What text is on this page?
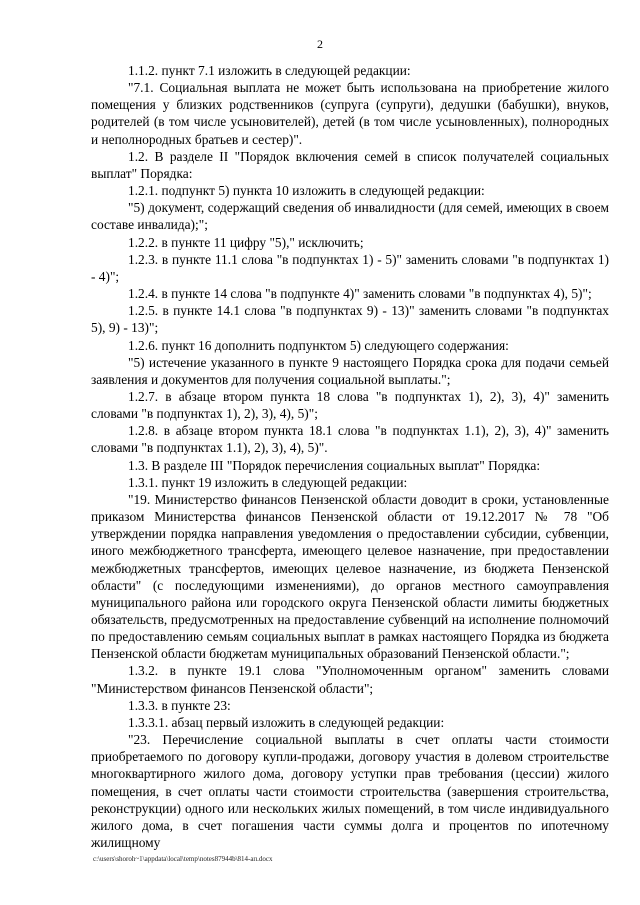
2

1.1.2. пункт 7.1 изложить в следующей редакции:

"7.1. Социальная выплата не может быть использована на приобретение жилого помещения у близких родственников (супруга (супруги), дедушки (бабушки), внуков, родителей (в том числе усыновителей), детей (в том числе усыновленных), полнородных и неполнородных братьев и сестер)".

1.2. В разделе II "Порядок включения семей в список получателей социальных выплат" Порядка:

1.2.1. подпункт 5) пункта 10 изложить в следующей редакции:

"5) документ, содержащий сведения об инвалидности (для семей, имеющих в своем составе инвалида);";

1.2.2. в пункте 11 цифру "5)," исключить;

1.2.3. в пункте 11.1 слова "в подпунктах 1) - 5)" заменить словами "в подпунктах 1) - 4)";

1.2.4. в пункте 14 слова "в подпункте 4)" заменить словами "в подпунктах 4), 5)";

1.2.5. в пункте 14.1 слова "в подпунктах 9) - 13)" заменить словами "в подпунктах 5), 9) - 13)";

1.2.6. пункт 16 дополнить подпунктом 5) следующего содержания:

"5) истечение указанного в пункте 9 настоящего Порядка срока для подачи семьей заявления и документов для получения социальной выплаты.";

1.2.7. в абзаце втором пункта 18 слова "в подпунктах 1), 2), 3), 4)" заменить словами "в подпунктах 1), 2), 3), 4), 5)";

1.2.8. в абзаце втором пункта 18.1 слова "в подпунктах 1.1), 2), 3), 4)" заменить словами "в подпунктах 1.1), 2), 3), 4), 5)".

1.3. В разделе III "Порядок перечисления социальных выплат" Порядка:

1.3.1. пункт 19 изложить в следующей редакции:

"19. Министерство финансов Пензенской области доводит в сроки, установленные приказом Министерства финансов Пензенской области от 19.12.2017 № 78 "Об утверждении порядка направления уведомления о предоставлении субсидии, субвенции, иного межбюджетного трансферта, имеющего целевое назначение, при предоставлении межбюджетных трансфертов, имеющих целевое назначение, из бюджета Пензенской области" (с последующими изменениями), до органов местного самоуправления муниципального района или городского округа Пензенской области лимиты бюджетных обязательств, предусмотренных на предоставление субвенций на исполнение полномочий по предоставлению семьям социальных выплат в рамках настоящего Порядка из бюджета Пензенской области бюджетам муниципальных образований Пензенской области.";

1.3.2. в пункте 19.1 слова "Уполномоченным органом" заменить словами "Министерством финансов Пензенской области";

1.3.3. в пункте 23:

1.3.3.1. абзац первый изложить в следующей редакции:

"23. Перечисление социальной выплаты в счет оплаты части стоимости приобретаемого по договору купли-продажи, договору участия в долевом строительстве многоквартирного жилого дома, договору уступки прав требования (цессии) жилого помещения, в счет оплаты части стоимости строительства (завершения строительства, реконструкции) одного или нескольких жилых помещений, в том числе индивидуального жилого дома, в счет погашения части суммы долга и процентов по ипотечному жилищному

c:\users\shoroh~1\appdata\local\temp\notes87944b\814-ап.docx
